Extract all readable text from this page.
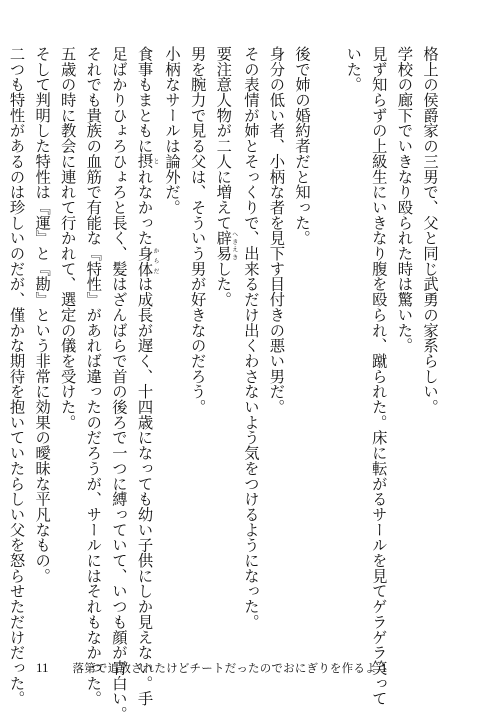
格上の侯爵家の三男で、父と同じ武勇の家系らしい。
学校の廊下でいきなり殴られた時は驚いた。
見ず知らずの上級生にいきなり腹を殴られ、蹴られた。床に転がるサールを見てゲラゲラ笑って
いた。
後で姉の婚約者だと知った。
身分の低い者、小柄な者を見下す目付きの悪い男だ。
その表情が姉とそっくりで、出来るだけ出くわさないよう気をつけるようになった。
要注意人物が二人に増えて辟易へきえきした。
男を腕力で見る父は、そういう男が好きなのだろう。
小柄なサールは論外だ。
食事もまともに摂とれなかった身体からだは成長が遅く、十四歳になっても幼い子供にしか見えない。手
足ばかりひょろひょろと長く、髪はざんばらで首の後ろで一つに縛っていて、いつも顔が青白い。
それでも貴族の血筋で有能な『特性』があれば違ったのだろうが、サールにはそれもなかった。
五歳の時に教会に連れて行かれて、選定の儀を受けた。
そして判明した特性は『運』と『勘』という非常に効果の曖昧な平凡なもの。
二つも特性があるのは珍しいのだが、僅かな期待を抱いていたらしい父を怒らせただけだった。 11 落第で追放されたけどチートだったのでおにぎりを作るよ 1
